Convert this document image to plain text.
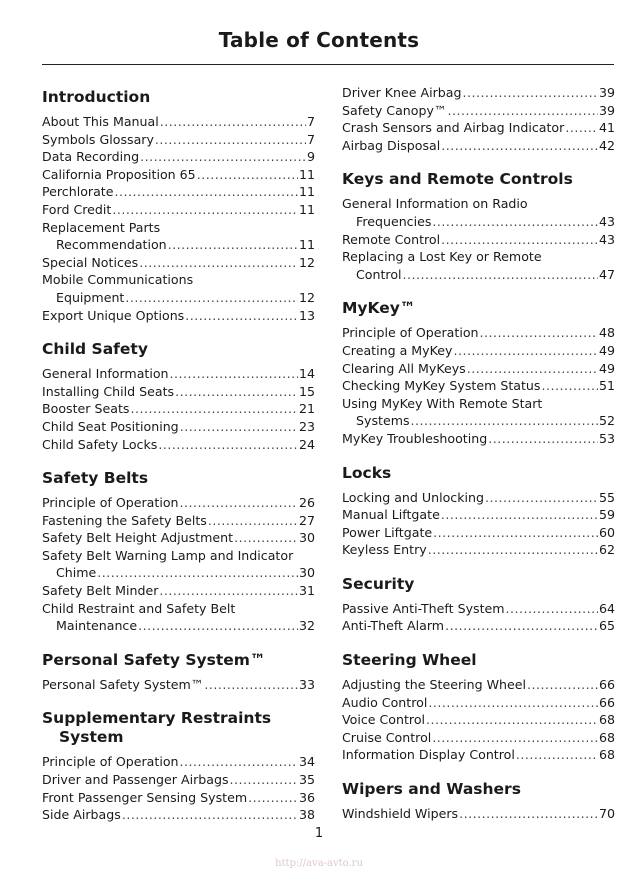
Table of Contents
Introduction
About This Manual .....	7
Symbols Glossary .....	7
Data Recording .....	9
California Proposition 65 .....	11
Perchlorate .....	11
Ford Credit .....	11
Replacement Parts
Recommendation .....	11
Special Notices .....	12
Mobile Communications
Equipment .....	12
Export Unique Options .....	13
Child Safety
General Information .....	14
Installing Child Seats .....	15
Booster Seats .....	21
Child Seat Positioning .....	23
Child Safety Locks .....	24
Safety Belts
Principle of Operation .....	26
Fastening the Safety Belts .....	27
Safety Belt Height Adjustment .....	30
Safety Belt Warning Lamp and Indicator
Chime .....	30
Safety Belt Minder .....	31
Child Restraint and Safety Belt
Maintenance .....	32
Personal Safety System™
Personal Safety System™ .....	33
Supplementary Restraints
System
Principle of Operation .....	34
Driver and Passenger Airbags .....	35
Front Passenger Sensing System .....	36
Side Airbags .....	38
Driver Knee Airbag .....	39
Safety Canopy™ .....	39
Crash Sensors and Airbag Indicator .....	41
Airbag Disposal .....	42
Keys and Remote Controls
General Information on Radio
Frequencies .....	43
Remote Control .....	43
Replacing a Lost Key or Remote
Control .....	47
MyKey™
Principle of Operation .....	48
Creating a MyKey .....	49
Clearing All MyKeys .....	49
Checking MyKey System Status .....	51
Using MyKey With Remote Start
Systems .....	52
MyKey Troubleshooting .....	53
Locks
Locking and Unlocking .....	55
Manual Liftgate .....	59
Power Liftgate .....	60
Keyless Entry .....	62
Security
Passive Anti-Theft System .....	64
Anti-Theft Alarm .....	65
Steering Wheel
Adjusting the Steering Wheel .....	66
Audio Control .....	66
Voice Control .....	68
Cruise Control .....	68
Information Display Control .....	68
Wipers and Washers
Windshield Wipers .....	70
1
http://ava-avto.ru
